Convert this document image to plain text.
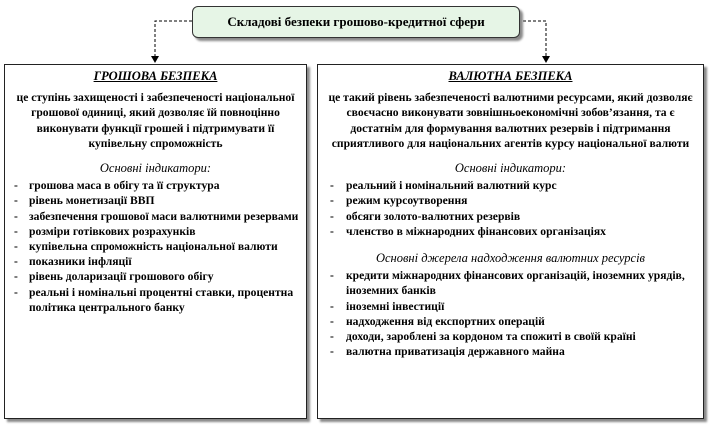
Складові безпеки грошово-кредитної сфери
ГРОШОВА БЕЗПЕКА
це ступінь захищеності і забезпеченості національної грошової одиниці, який дозволяє їй повноцінно виконувати функції грошей і підтримувати її купівельну спроможність
Основні індикатори:
- грошова маса в обігу та її структура
- рівень монетизації ВВП
- забезпечення грошової маси валютними резервами
- розміри готівкових розрахунків
- купівельна спроможність національної валюти
- показники інфляції
- рівень доларизації грошового обігу
- реальні і номінальні процентні ставки, процентна політика центрального банку
ВАЛЮТНА БЕЗПЕКА
це такий рівень забезпеченості валютними ресурсами, який дозволяє своєчасно виконувати зовнішньоекономічні зобов’язання, та є достатнім для формування валютних резервів і підтримання сприятливого для національних агентів курсу національної валюти
Основні індикатори:
- реальний і номінальний валютний курс
- режим курсоутворення
- обсяги золото-валютних резервів
- членство в міжнародних фінансових організаціях
Основні джерела надходження валютних ресурсів
- кредити міжнародних фінансових організацій, іноземних урядів, іноземних банків
- іноземні інвестиції
- надходження від експортних операцій
- доходи, зароблені за кордоном та спожиті в своїй країні
- валютна приватизація державного майна
